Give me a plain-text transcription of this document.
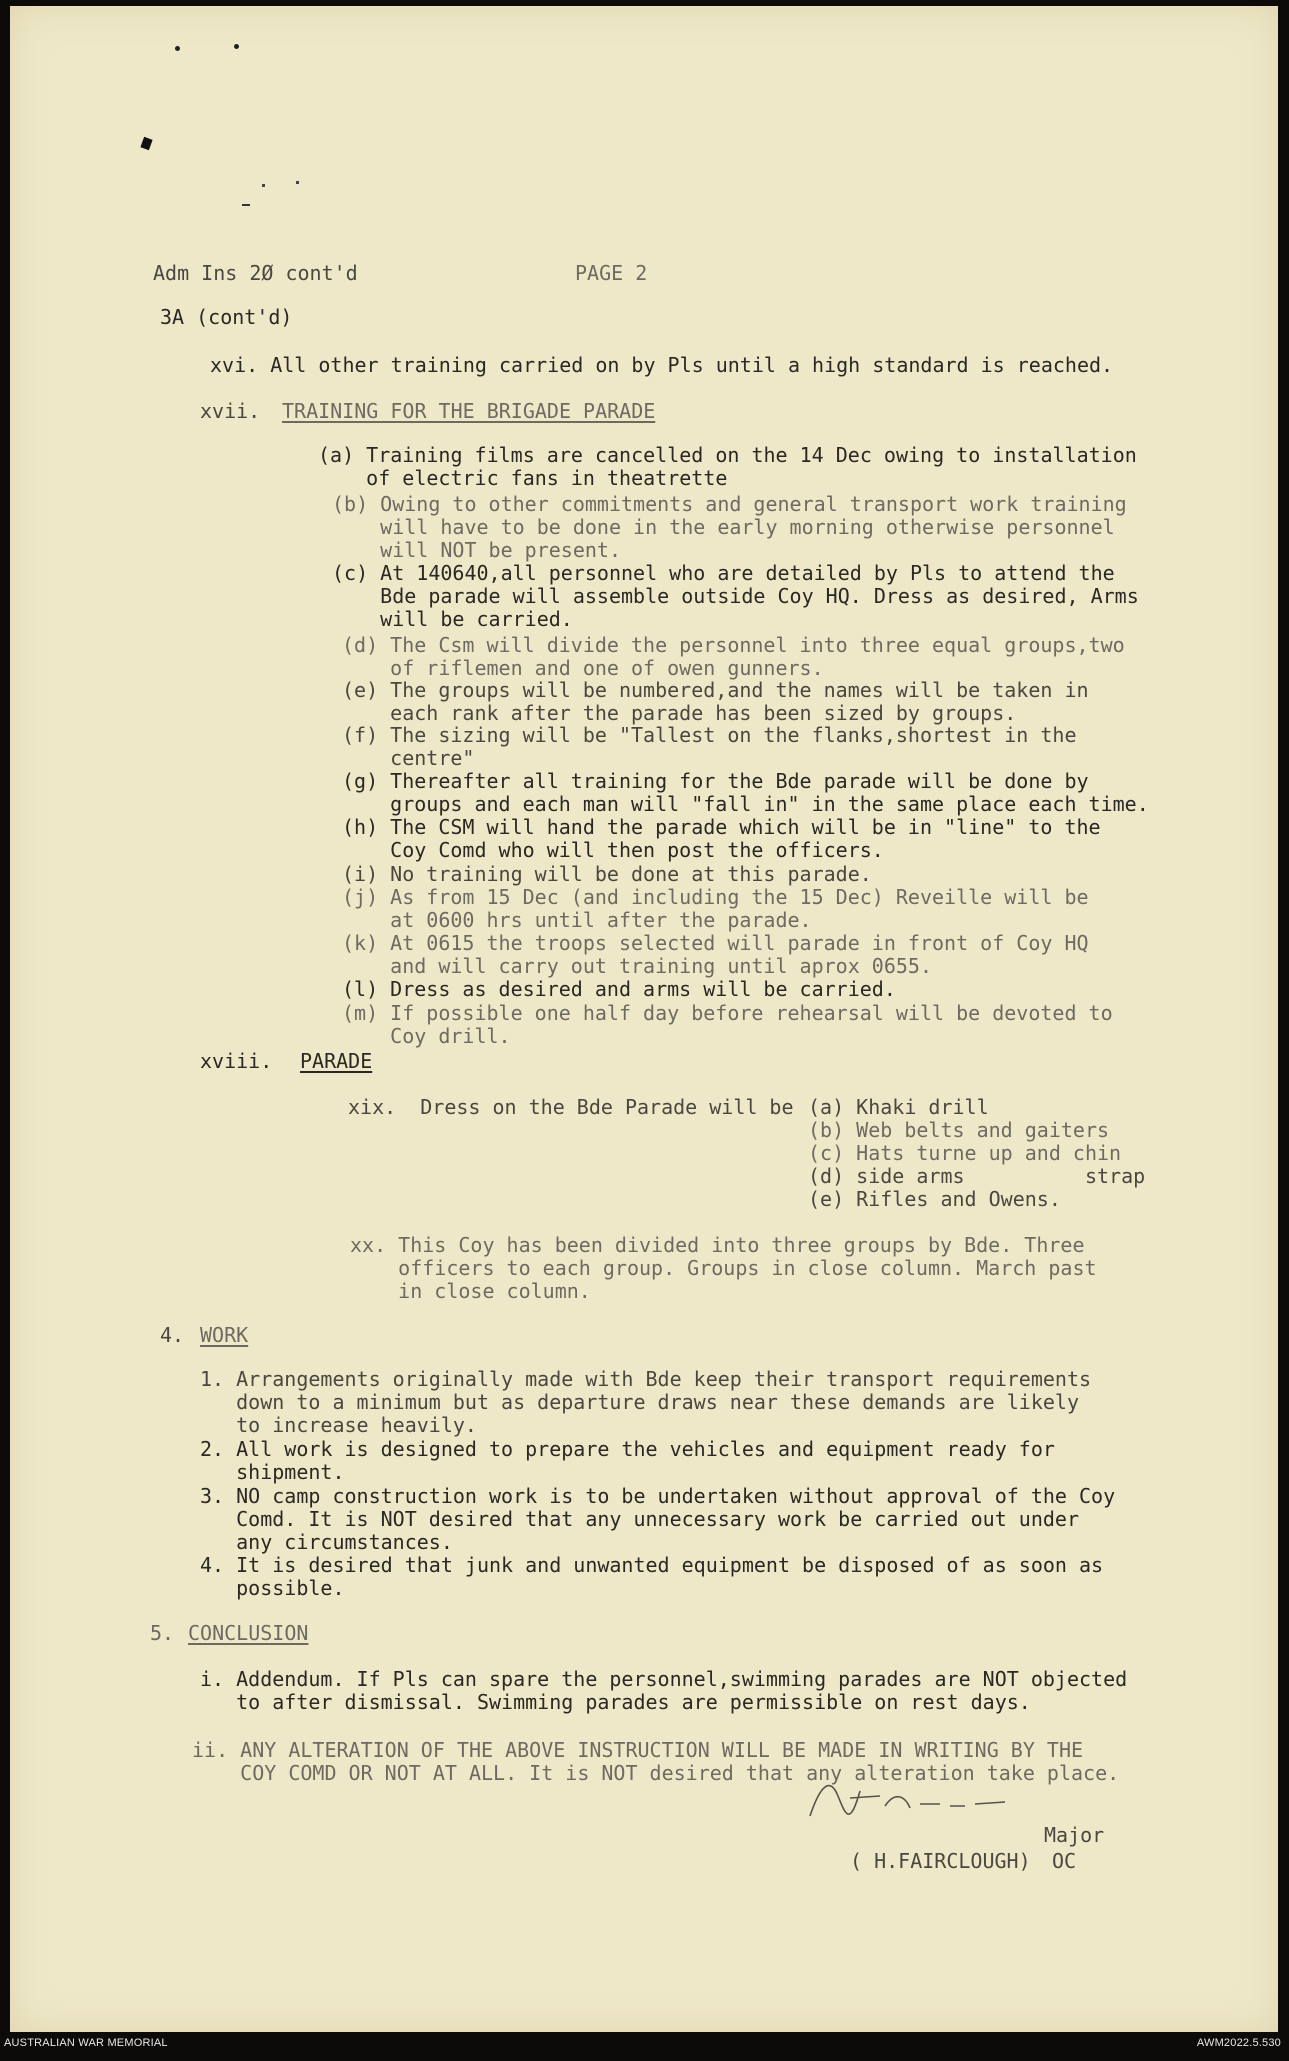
Adm Ins 2Ø cont'd	PAGE 2
3A (cont'd)
xvi. All other training carried on by Pls until a high standard is reached.
xvii. TRAINING FOR THE BRIGADE PARADE
(a) Training films are cancelled on the 14 Dec owing to installation
of electric fans in theatrette
(b) Owing to other commitments and general transport work training
will have to be done in the early morning otherwise personnel
will NOT be present.
(c) At 140640,all personnel who are detailed by Pls to attend the
Bde parade will assemble outside Coy HQ. Dress as desired, Arms
will be carried.
(d) The Csm will divide the personnel into three equal groups,two
of riflemen and one of owen gunners.
(e) The groups will be numbered,and the names will be taken in
each rank after the parade has been sized by groups.
(f) The sizing will be "Tallest on the flanks,shortest in the
centre"
(g) Thereafter all training for the Bde parade will be done by
groups and each man will "fall in" in the same place each time.
(h) The CSM will hand the parade which will be in "line" to the
Coy Comd who will then post the officers.
(i) No training will be done at this parade.
(j) As from 15 Dec (and including the 15 Dec) Reveille will be
at 0600 hrs until after the parade.
(k) At 0615 the troops selected will parade in front of Coy HQ
and will carry out training until aprox 0655.
(l) Dress as desired and arms will be carried.
(m) If possible one half day before rehearsal will be devoted to
Coy drill.
xviii. PARADE
xix.  Dress on the Bde Parade will be (a) Khaki drill
(b) Web belts and gaiters
(c) Hats turne up and chin
(d) side arms          strap
(e) Rifles and Owens.
xx. This Coy has been divided into three groups by Bde. Three
officers to each group. Groups in close column. March past
in close column.
4. WORK
1. Arrangements originally made with Bde keep their transport requirements
down to a minimum but as departure draws near these demands are likely
to increase heavily.
2. All work is designed to prepare the vehicles and equipment ready for
shipment.
3. NO camp construction work is to be undertaken without approval of the Coy
Comd. It is NOT desired that any unnecessary work be carried out under
any circumstances.
4. It is desired that junk and unwanted equipment be disposed of as soon as
possible.
5. CONCLUSION
i. Addendum. If Pls can spare the personnel,swimming parades are NOT objected
to after dismissal. Swimming parades are permissible on rest days.
ii. ANY ALTERATION OF THE ABOVE INSTRUCTION WILL BE MADE IN WRITING BY THE
COY COMD OR NOT AT ALL. It is NOT desired that any alteration take place.
Major
( H.FAIRCLOUGH) OC
AUSTRALIAN WAR MEMORIAL	AWM2022.5.530
